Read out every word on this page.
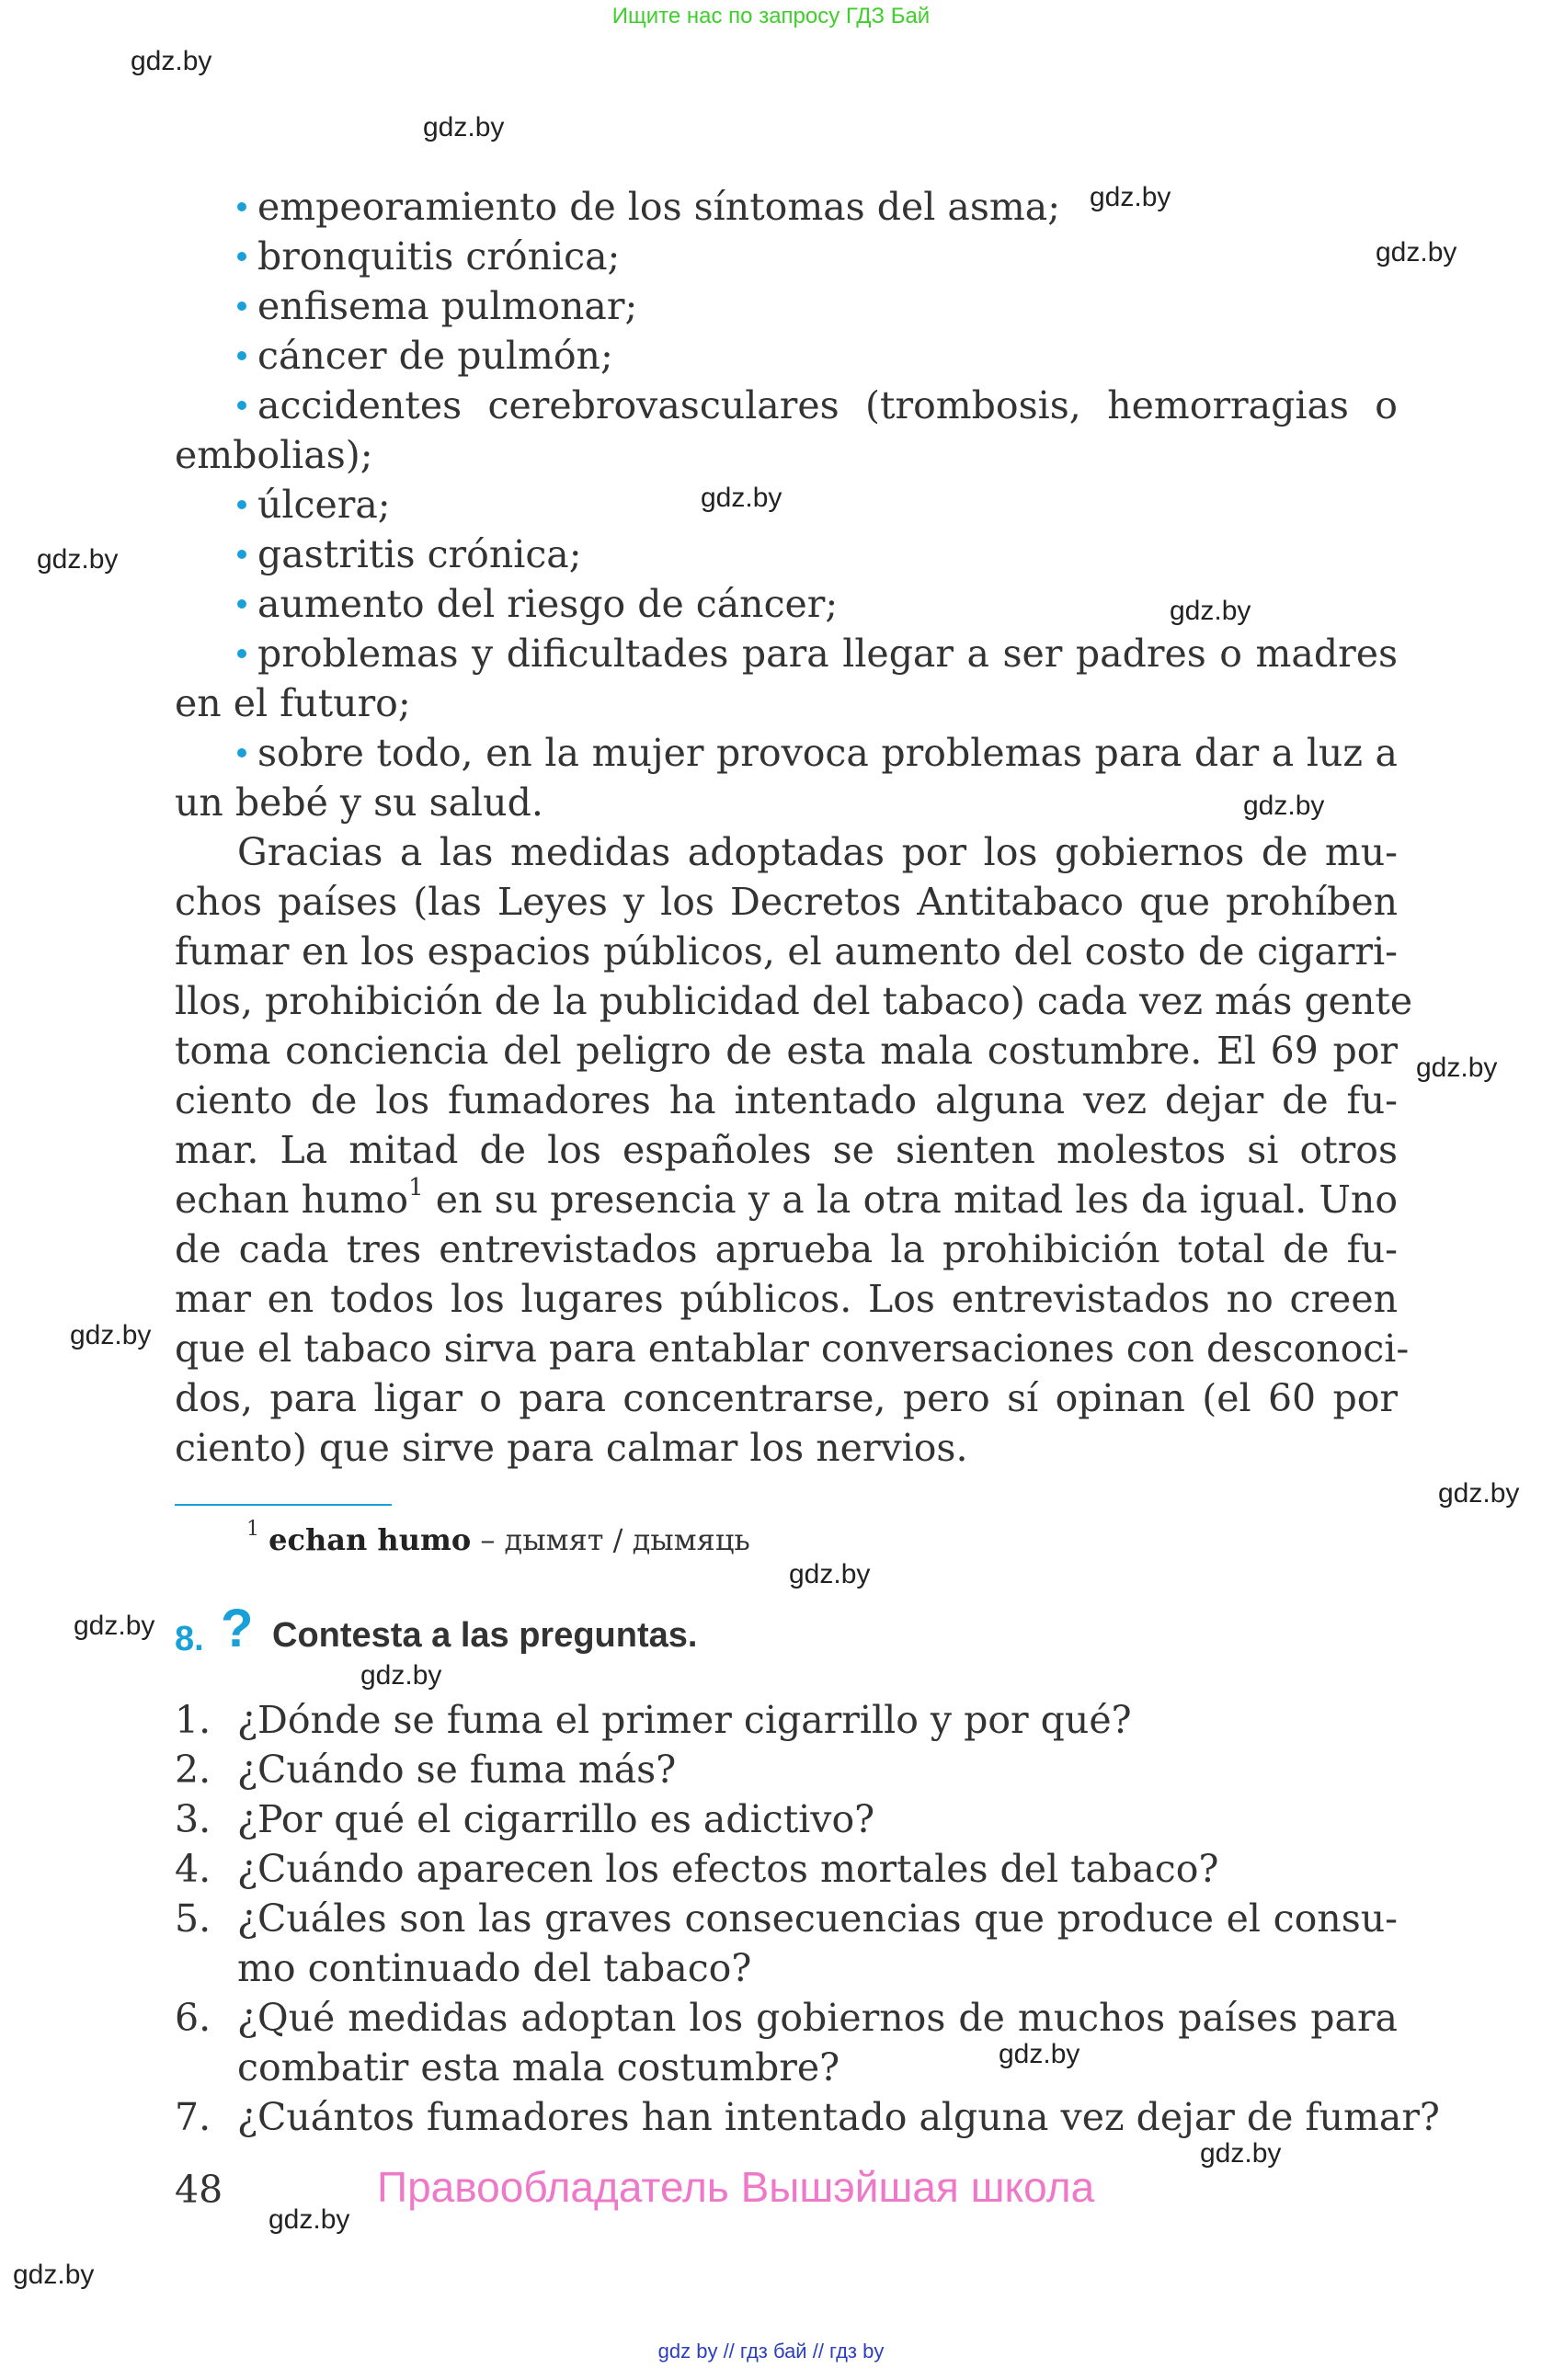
Ищите нас по запросу ГДЗ Бай
gdz.by
gdz.by
gdz.by
gdz.by
gdz.by
gdz.by
gdz.by
gdz.by
gdz.by
gdz.by
gdz.by
gdz.by
gdz.by
gdz.by
gdz.by
gdz.by
gdz.by
gdz.by
empeoramiento de los síntomas del asma;
bronquitis crónica;
enfisema pulmonar;
cáncer de pulmón;
accidentes cerebrovasculares (trombosis, hemorragias o
embolias);
úlcera;
gastritis crónica;
aumento del riesgo de cáncer;
problemas y dificultades para llegar a ser padres o madres
en el futuro;
sobre todo, en la mujer provoca problemas para dar a luz a
un bebé y su salud.
Gracias a las medidas adoptadas por los gobiernos de mu-
chos países (las Leyes y los Decretos Antitabaco que prohíben
fumar en los espacios públicos, el aumento del costo de cigarri-
llos, prohibición de la publicidad del tabaco) cada vez más gente
toma conciencia del peligro de esta mala costumbre. El 69 por
ciento de los fumadores ha intentado alguna vez dejar de fu-
mar. La mitad de los españoles se sienten molestos si otros
echan humo$^1$ en su presencia y a la otra mitad les da igual. Uno
de cada tres entrevistados aprueba la prohibición total de fu-
mar en todos los lugares públicos. Los entrevistados no creen
que el tabaco sirva para entablar conversaciones con desconoci-
dos, para ligar o para concentrarse, pero sí opinan (el 60 por
ciento) que sirve para calmar los nervios.
$^1$ echan humo – дымят / дымяць
8. ? Contesta a las preguntas.
1. ¿Dónde se fuma el primer cigarrillo y por qué?
2. ¿Cuándo se fuma más?
3. ¿Por qué el cigarrillo es adictivo?
4. ¿Cuándo aparecen los efectos mortales del tabaco?
5. ¿Cuáles son las graves consecuencias que produce el consu-
mo continuado del tabaco?
6. ¿Qué medidas adoptan los gobiernos de muchos países para
combatir esta mala costumbre?
7. ¿Cuántos fumadores han intentado alguna vez dejar de fumar?
48	Правообладатель Вышэйшая школа
gdz by // гдз бай // гдз by
